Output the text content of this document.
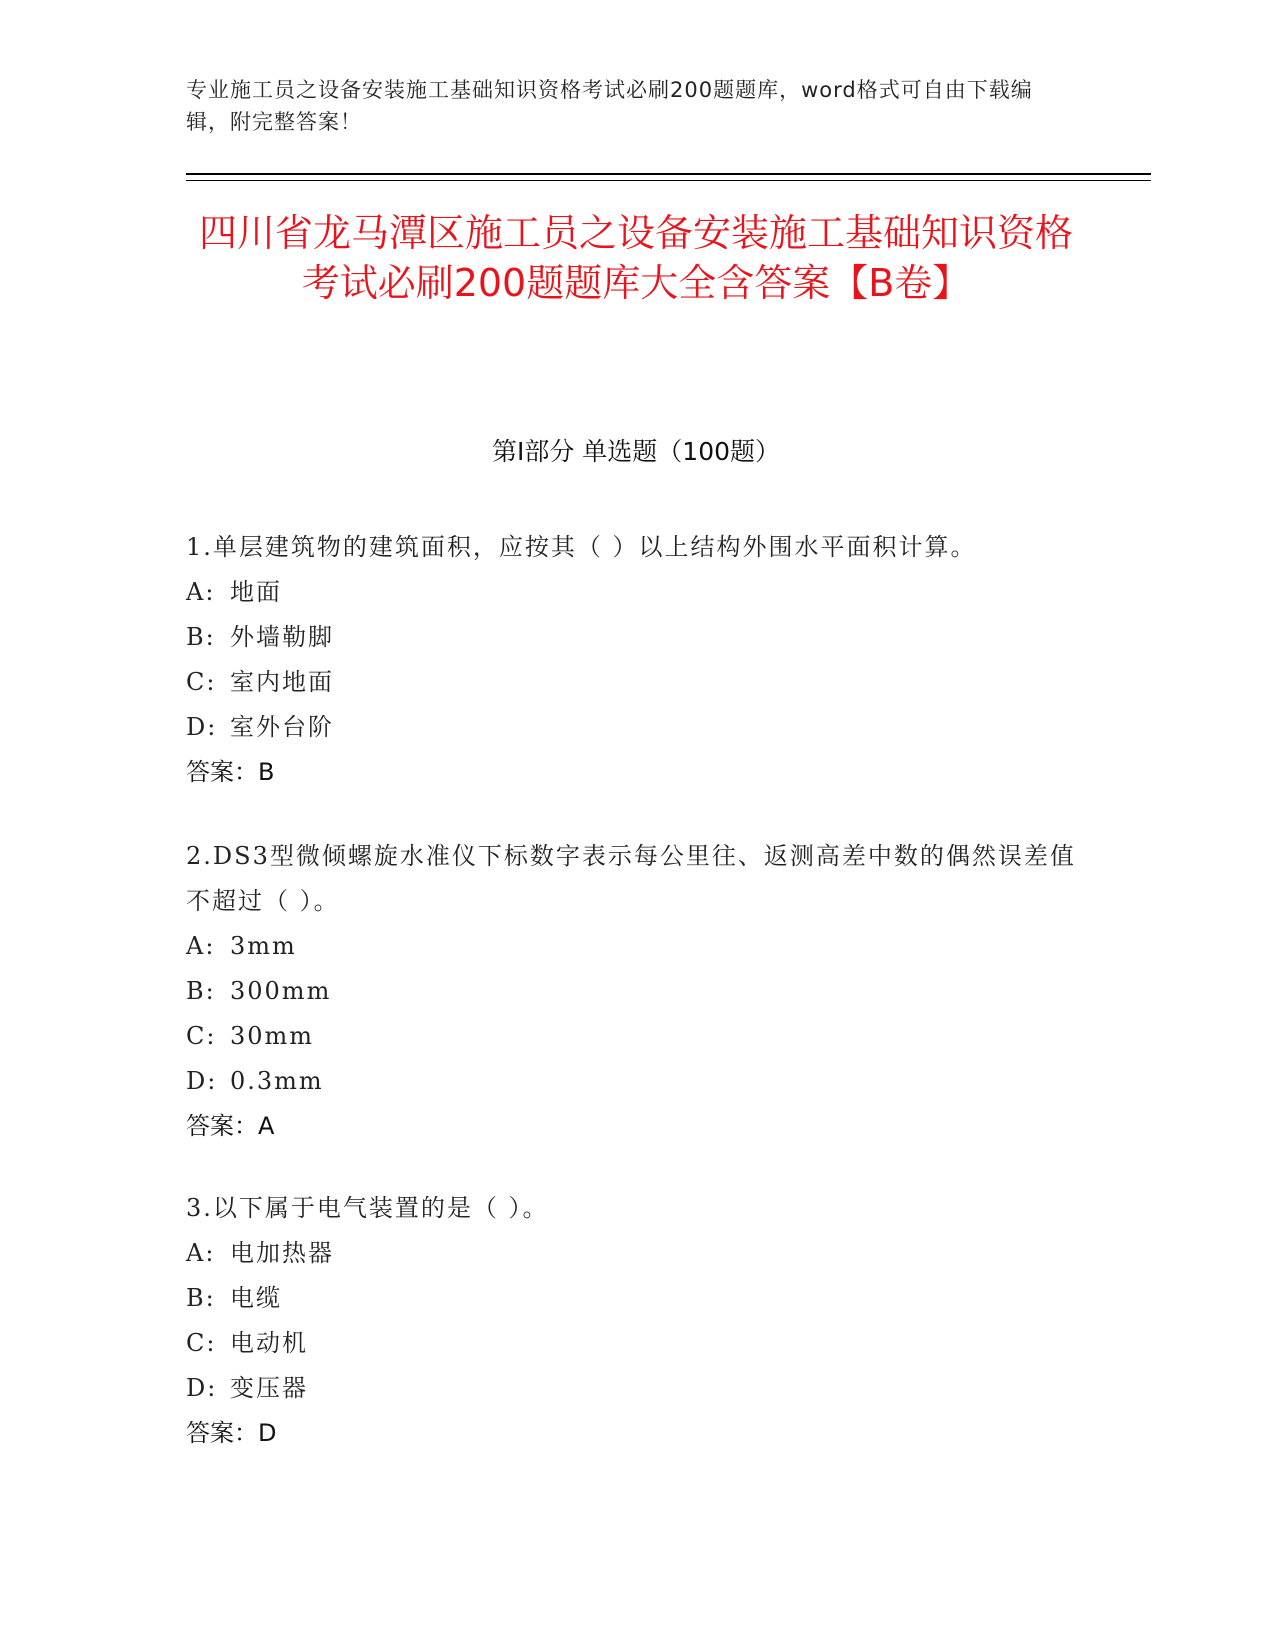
专业施工员之设备安装施工基础知识资格考试必刷200题题库，word格式可自由下载编辑，附完整答案！
四川省龙马潭区施工员之设备安装施工基础知识资格考试必刷200题题库大全含答案【B卷】
第I部分 单选题（100题）
1.单层建筑物的建筑面积，应按其（ ）以上结构外围水平面积计算。
A: 地面
B: 外墙勒脚
C: 室内地面
D: 室外台阶
答案：B
2.DS3型微倾螺旋水准仪下标数字表示每公里往、返测高差中数的偶然误差值不超过（ ）。
A: 3mm
B: 300mm
C: 30mm
D: 0.3mm
答案：A
3.以下属于电气装置的是（ ）。
A: 电加热器
B: 电缆
C: 电动机
D: 变压器
答案：D
